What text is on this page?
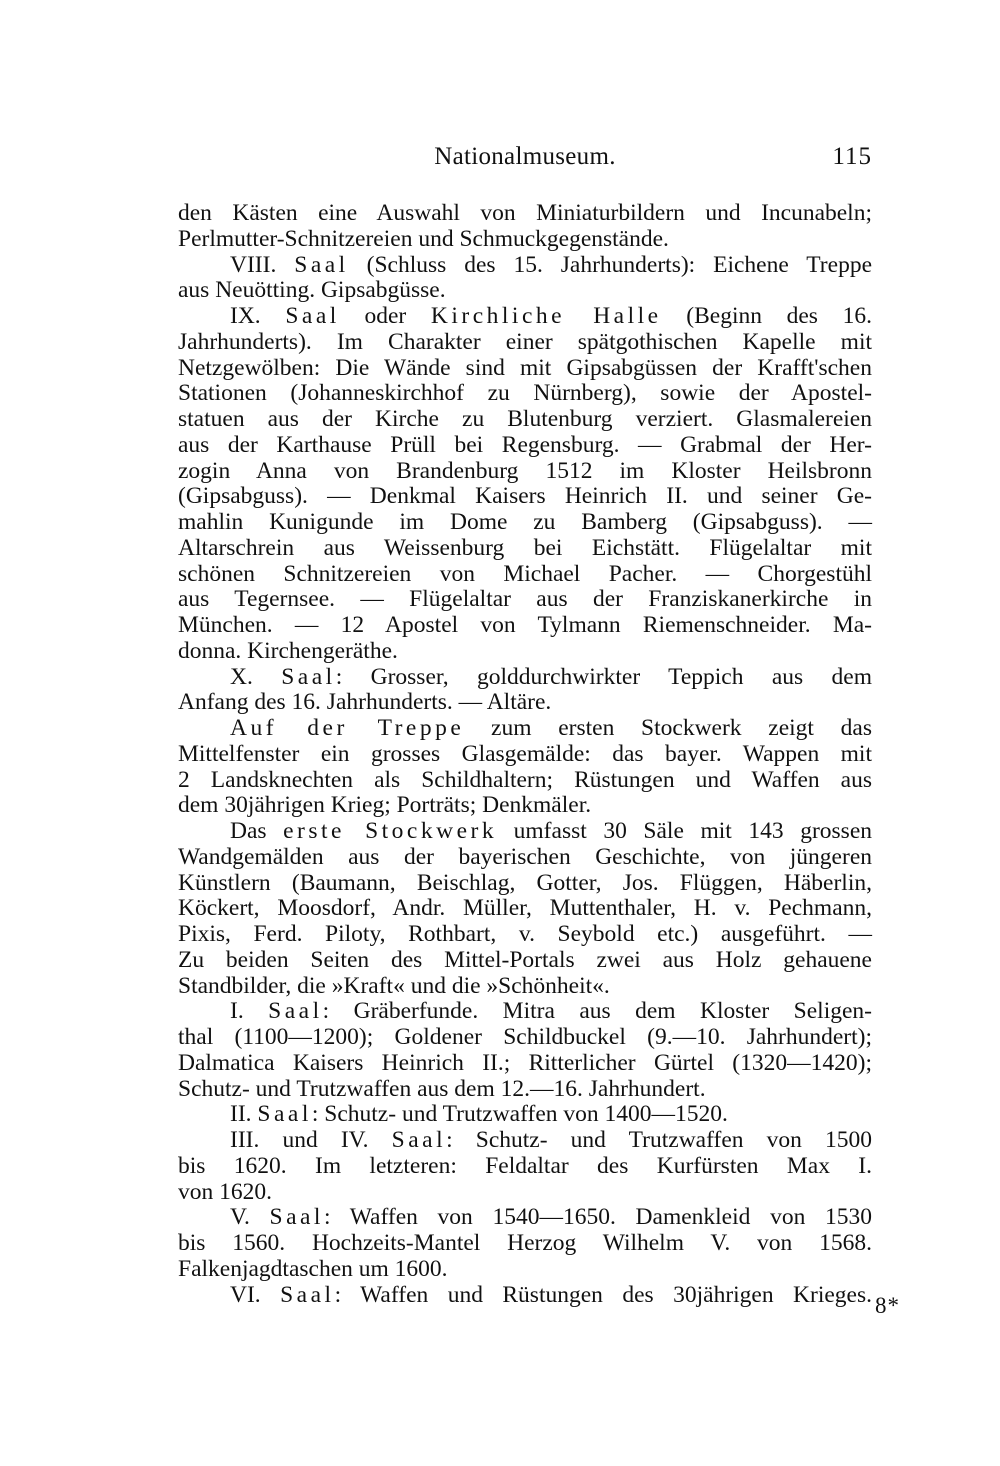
Nationalmuseum.	115
den Kästen eine Auswahl von Miniaturbildern und Incunabeln;
Perlmutter-Schnitzereien und Schmuckgegenstände.
VIII. Saal (Schluss des 15. Jahrhunderts): Eichene Treppe
aus Neuötting. Gipsabgüsse.
IX. Saal oder Kirchliche Halle (Beginn des 16.
Jahrhunderts). Im Charakter einer spätgothischen Kapelle mit
Netzgewölben: Die Wände sind mit Gipsabgüssen der Krafft'schen
Stationen (Johanneskirchhof zu Nürnberg), sowie der Apostel-
statuen aus der Kirche zu Blutenburg verziert. Glasmalereien
aus der Karthause Prüll bei Regensburg. — Grabmal der Her-
zogin Anna von Brandenburg 1512 im Kloster Heilsbronn
(Gipsabguss). — Denkmal Kaisers Heinrich II. und seiner Ge-
mahlin Kunigunde im Dome zu Bamberg (Gipsabguss). —
Altarschrein aus Weissenburg bei Eichstätt. Flügelaltar mit
schönen Schnitzereien von Michael Pacher. — Chorgestühl
aus Tegernsee. — Flügelaltar aus der Franziskanerkirche in
München. — 12 Apostel von Tylmann Riemenschneider. Ma-
donna. Kirchengeräthe.
X. Saal: Grosser, golddurchwirkter Teppich aus dem
Anfang des 16. Jahrhunderts. — Altäre.
Auf der Treppe zum ersten Stockwerk zeigt das
Mittelfenster ein grosses Glasgemälde: das bayer. Wappen mit
2 Landsknechten als Schildhaltern; Rüstungen und Waffen aus
dem 30jährigen Krieg; Porträts; Denkmäler.
Das erste Stockwerk umfasst 30 Säle mit 143 grossen
Wandgemälden aus der bayerischen Geschichte, von jüngeren
Künstlern (Baumann, Beischlag, Gotter, Jos. Flüggen, Häberlin,
Köckert, Moosdorf, Andr. Müller, Muttenthaler, H. v. Pechmann,
Pixis, Ferd. Piloty, Rothbart, v. Seybold etc.) ausgeführt. —
Zu beiden Seiten des Mittel-Portals zwei aus Holz gehauene
Standbilder, die »Kraft« und die »Schönheit«.
I. Saal: Gräberfunde. Mitra aus dem Kloster Seligen-
thal (1100—1200); Goldener Schildbuckel (9.—10. Jahrhundert);
Dalmatica Kaisers Heinrich II.; Ritterlicher Gürtel (1320—1420);
Schutz- und Trutzwaffen aus dem 12.—16. Jahrhundert.
II. Saal: Schutz- und Trutzwaffen von 1400—1520.
III. und IV. Saal: Schutz- und Trutzwaffen von 1500
bis 1620. Im letzteren: Feldaltar des Kurfürsten Max I.
von 1620.
V. Saal: Waffen von 1540—1650. Damenkleid von 1530
bis 1560. Hochzeits-Mantel Herzog Wilhelm V. von 1568.
Falkenjagdtaschen um 1600.
VI. Saal: Waffen und Rüstungen des 30jährigen Krieges. 8*
